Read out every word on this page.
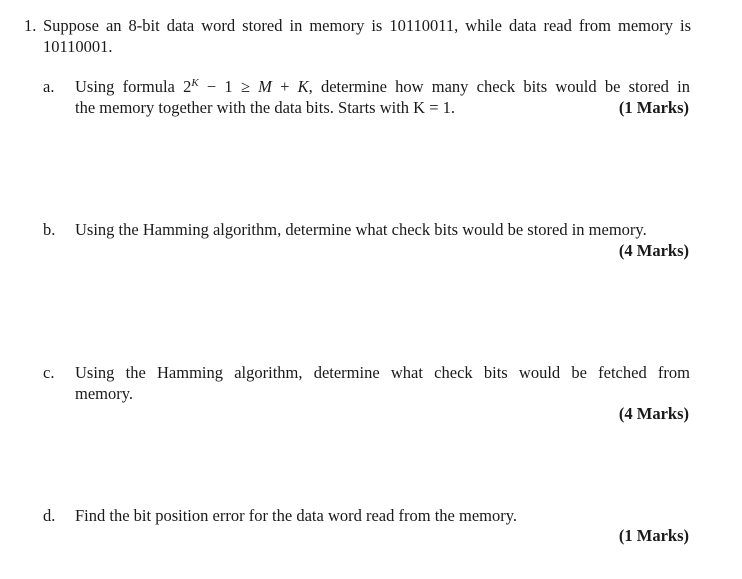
1. Suppose an 8-bit data word stored in memory is 10110011, while data read from memory is 10110001.
a. Using formula $2^K - 1 \ge M + K$, determine how many check bits would be stored in
the memory together with the data bits. Starts with K = 1.	(1 Marks)
b. Using the Hamming algorithm, determine what check bits would be stored in memory.
(4 Marks)
c. Using the Hamming algorithm, determine what check bits would be fetched from
memory.
(4 Marks)
d. Find the bit position error for the data word read from the memory.
(1 Marks)
